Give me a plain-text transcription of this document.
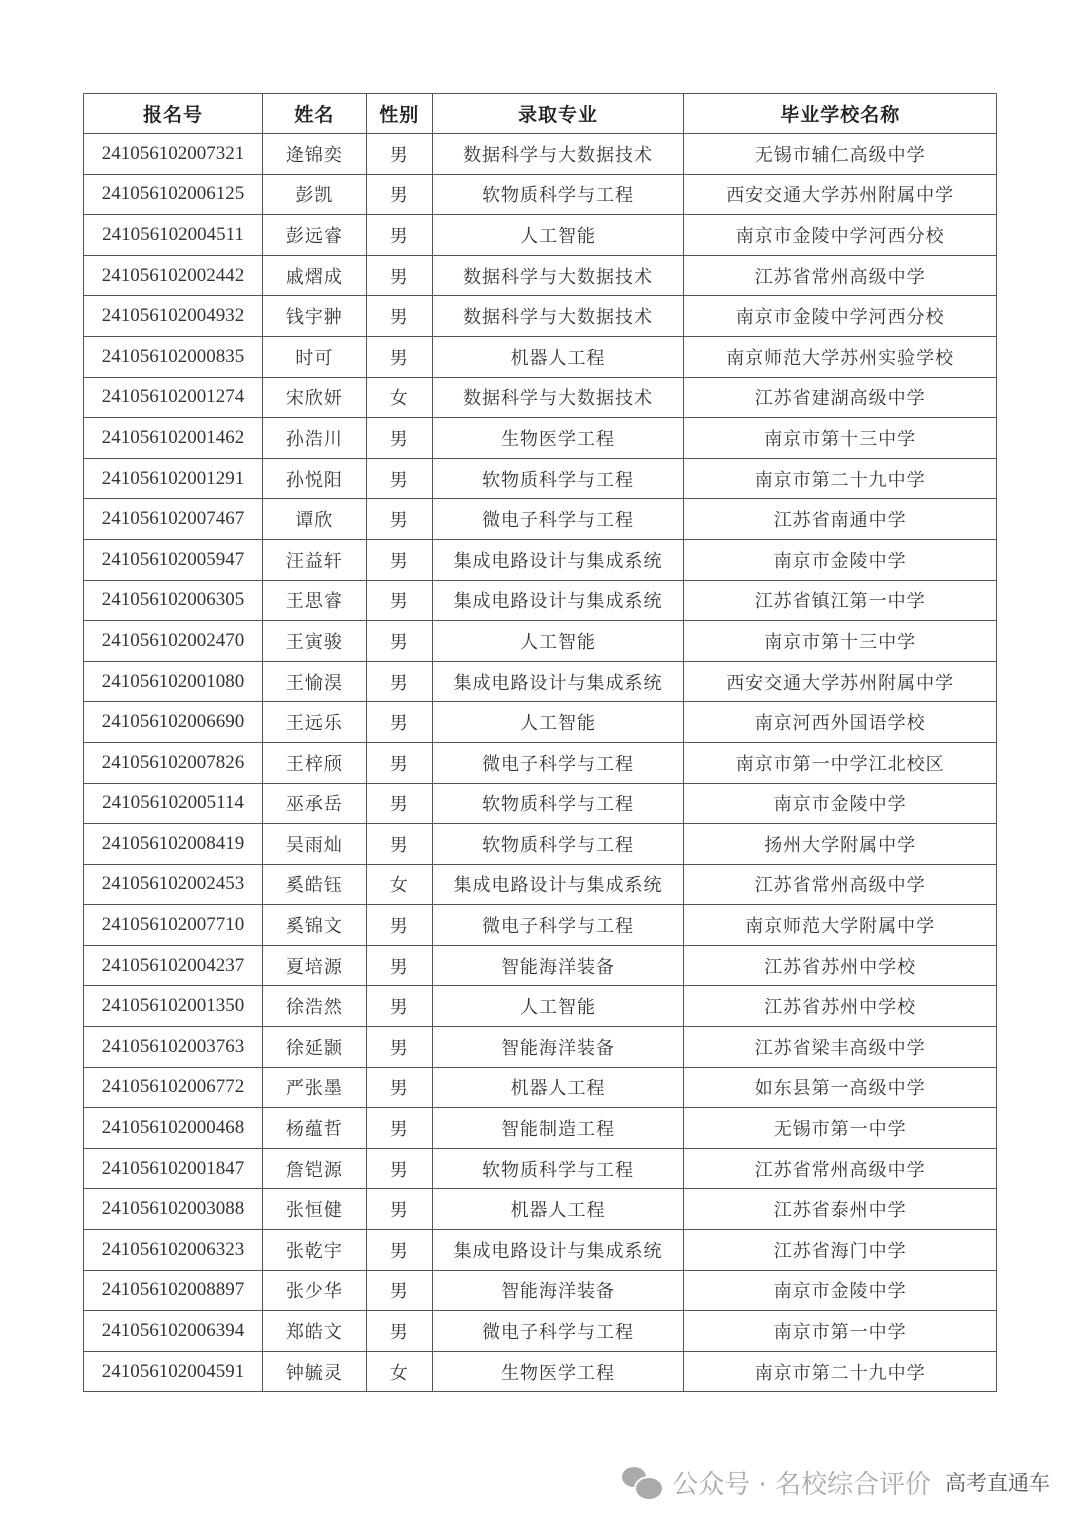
报名号	姓名	性别	录取专业	毕业学校名称
241056102007321	逄锦奕	男	数据科学与大数据技术	无锡市辅仁高级中学
241056102006125	彭凯	男	软物质科学与工程	西安交通大学苏州附属中学
241056102004511	彭远睿	男	人工智能	南京市金陵中学河西分校
241056102002442	戚熠成	男	数据科学与大数据技术	江苏省常州高级中学
241056102004932	钱宇翀	男	数据科学与大数据技术	南京市金陵中学河西分校
241056102000835	时可	男	机器人工程	南京师范大学苏州实验学校
241056102001274	宋欣妍	女	数据科学与大数据技术	江苏省建湖高级中学
241056102001462	孙浩川	男	生物医学工程	南京市第十三中学
241056102001291	孙悦阳	男	软物质科学与工程	南京市第二十九中学
241056102007467	谭欣	男	微电子科学与工程	江苏省南通中学
241056102005947	汪益轩	男	集成电路设计与集成系统	南京市金陵中学
241056102006305	王思睿	男	集成电路设计与集成系统	江苏省镇江第一中学
241056102002470	王寅骏	男	人工智能	南京市第十三中学
241056102001080	王愉淏	男	集成电路设计与集成系统	西安交通大学苏州附属中学
241056102006690	王远乐	男	人工智能	南京河西外国语学校
241056102007826	王梓颀	男	微电子科学与工程	南京市第一中学江北校区
241056102005114	巫承岳	男	软物质科学与工程	南京市金陵中学
241056102008419	吴雨灿	男	软物质科学与工程	扬州大学附属中学
241056102002453	奚皓钰	女	集成电路设计与集成系统	江苏省常州高级中学
241056102007710	奚锦文	男	微电子科学与工程	南京师范大学附属中学
241056102004237	夏培源	男	智能海洋装备	江苏省苏州中学校
241056102001350	徐浩然	男	人工智能	江苏省苏州中学校
241056102003763	徐延颢	男	智能海洋装备	江苏省梁丰高级中学
241056102006772	严张墨	男	机器人工程	如东县第一高级中学
241056102000468	杨蕴哲	男	智能制造工程	无锡市第一中学
241056102001847	詹铠源	男	软物质科学与工程	江苏省常州高级中学
241056102003088	张恒健	男	机器人工程	江苏省泰州中学
241056102006323	张乾宇	男	集成电路设计与集成系统	江苏省海门中学
241056102008897	张少华	男	智能海洋装备	南京市金陵中学
241056102006394	郑皓文	男	微电子科学与工程	南京市第一中学
241056102004591	钟毓灵	女	生物医学工程	南京市第二十九中学
公众号 · 名校综合评价 高考直通车
